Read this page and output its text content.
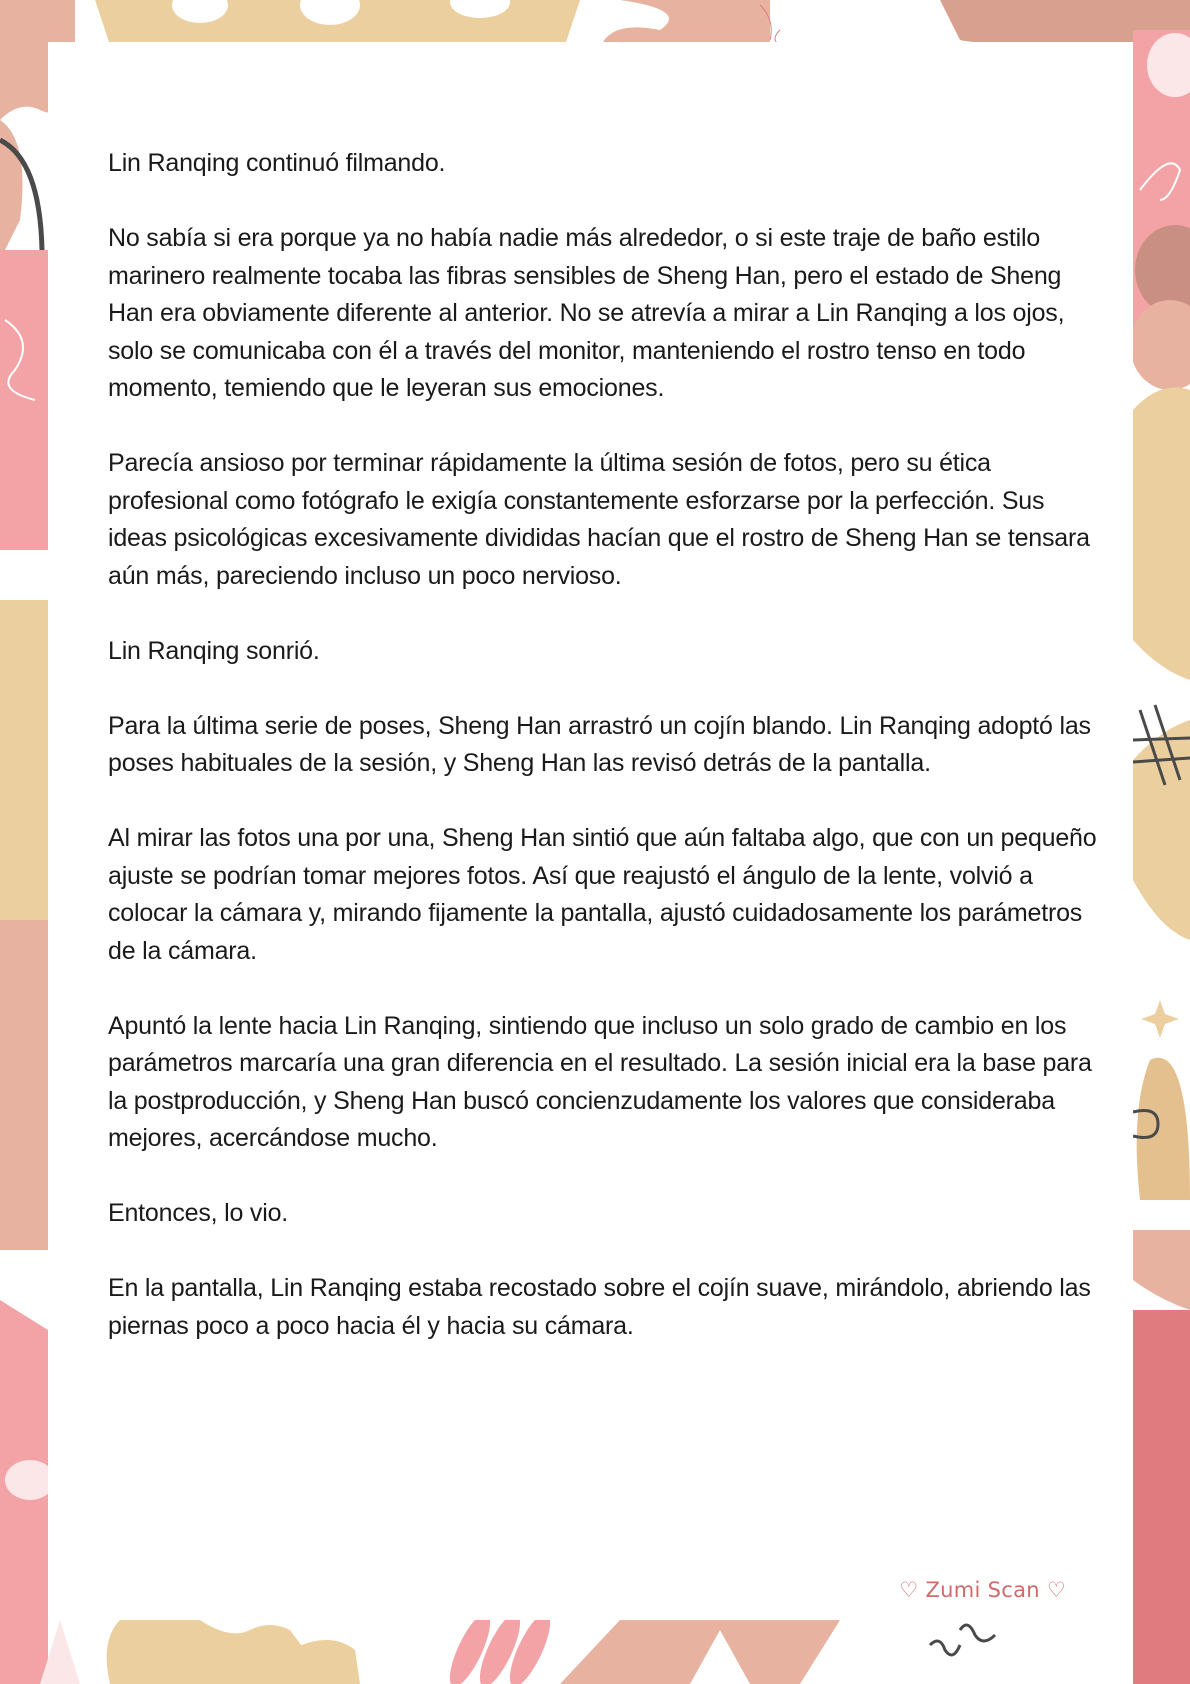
Lin Ranqing continuó filmando.

No sabía si era porque ya no había nadie más alrededor, o si este traje de baño estilo marinero realmente tocaba las fibras sensibles de Sheng Han, pero el estado de Sheng Han era obviamente diferente al anterior. No se atrevía a mirar a Lin Ranqing a los ojos, solo se comunicaba con él a través del monitor, manteniendo el rostro tenso en todo momento, temiendo que le leyeran sus emociones.

Parecía ansioso por terminar rápidamente la última sesión de fotos, pero su ética profesional como fotógrafo le exigía constantemente esforzarse por la perfección. Sus ideas psicológicas excesivamente divididas hacían que el rostro de Sheng Han se tensara aún más, pareciendo incluso un poco nervioso.

Lin Ranqing sonrió.

Para la última serie de poses, Sheng Han arrastró un cojín blando. Lin Ranqing adoptó las poses habituales de la sesión, y Sheng Han las revisó detrás de la pantalla.

Al mirar las fotos una por una, Sheng Han sintió que aún faltaba algo, que con un pequeño ajuste se podrían tomar mejores fotos. Así que reajustó el ángulo de la lente, volvió a colocar la cámara y, mirando fijamente la pantalla, ajustó cuidadosamente los parámetros de la cámara.

Apuntó la lente hacia Lin Ranqing, sintiendo que incluso un solo grado de cambio en los parámetros marcaría una gran diferencia en el resultado. La sesión inicial era la base para la postproducción, y Sheng Han buscó concienzudamente los valores que consideraba mejores, acercándose mucho.

Entonces, lo vio.

En la pantalla, Lin Ranqing estaba recostado sobre el cojín suave, mirándolo, abriendo las piernas poco a poco hacia él y hacia su cámara.

♡ Zumi Scan ♡
